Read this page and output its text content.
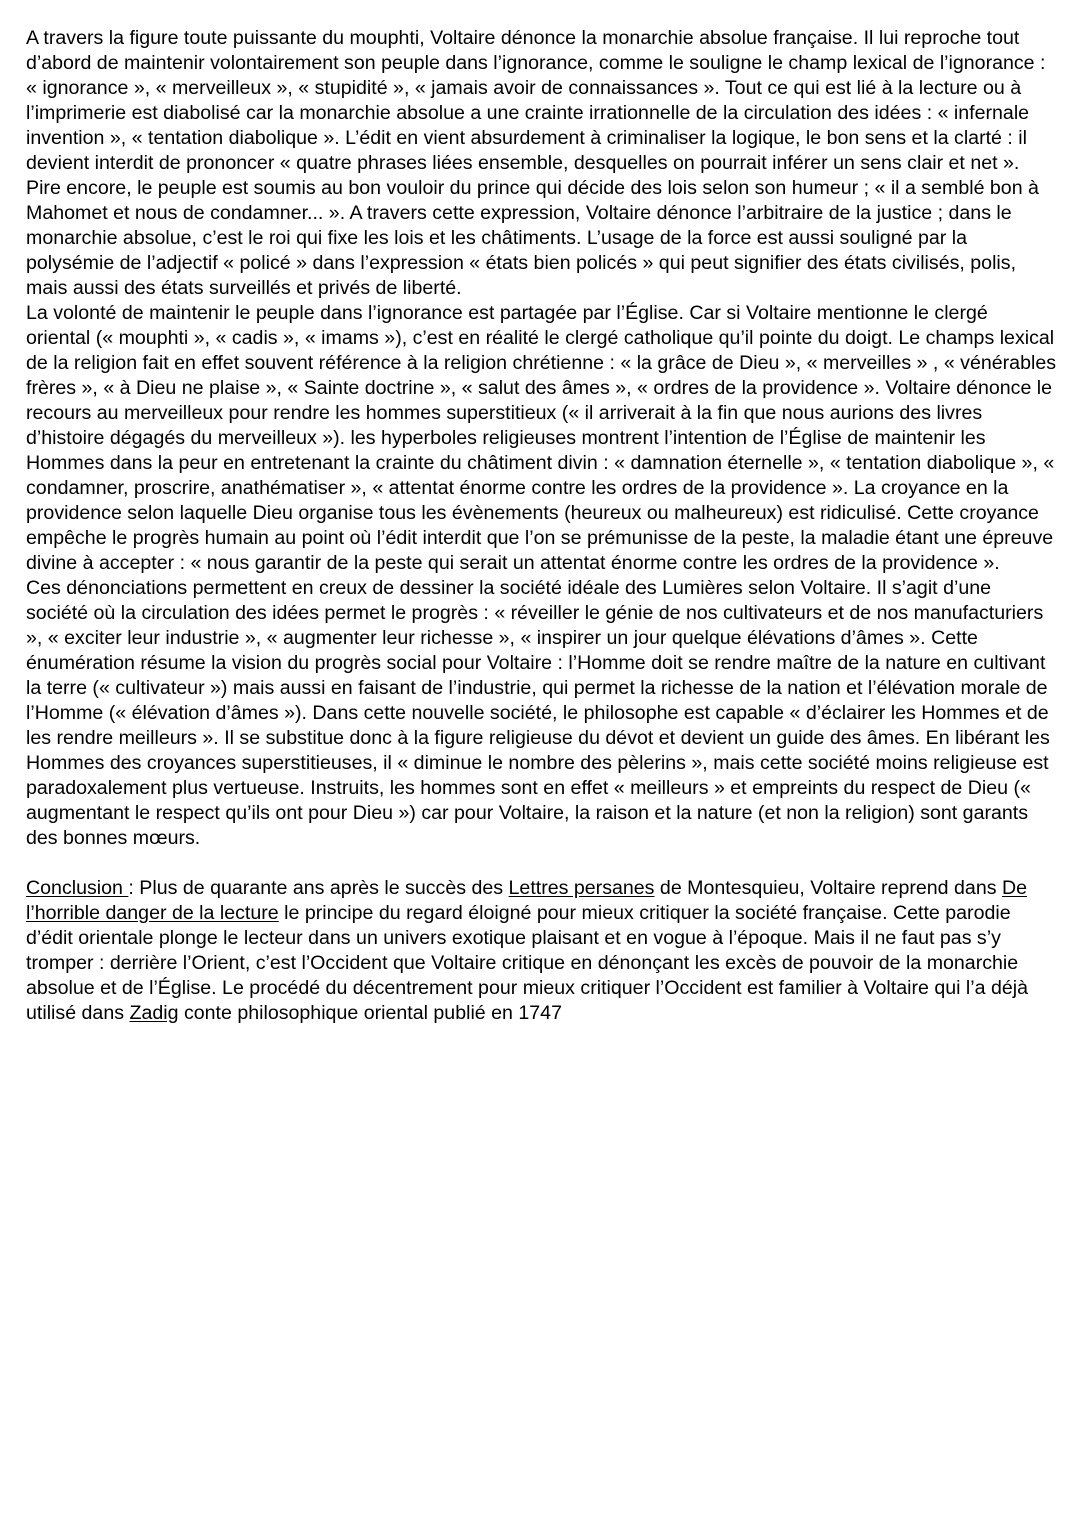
A travers la figure toute puissante du mouphti, Voltaire dénonce la monarchie absolue française. Il lui reproche tout d’abord de maintenir volontairement son peuple dans l’ignorance, comme le souligne le champ lexical de l’ignorance : « ignorance », « merveilleux », « stupidité », « jamais avoir de connaissances ». Tout ce qui est lié à la lecture ou à l’imprimerie est diabolisé car la monarchie absolue a une crainte irrationnelle de la circulation des idées : « infernale invention », « tentation diabolique ». L’édit en vient absurdement à criminaliser la logique, le bon sens et la clarté : il devient interdit de prononcer « quatre phrases liées ensemble, desquelles on pourrait inférer un sens clair et net ». Pire encore, le peuple est soumis au bon vouloir du prince qui décide des lois selon son humeur ; « il a semblé bon à Mahomet et nous de condamner... ». A travers cette expression, Voltaire dénonce l’arbitraire de la justice ; dans le monarchie absolue, c’est le roi qui fixe les lois et les châtiments. L’usage de la force est aussi souligné par la polysémie de l’adjectif « policé » dans l’expression « états bien policés » qui peut signifier des états civilisés, polis, mais aussi des états surveillés et privés de liberté.

La volonté de maintenir le peuple dans l’ignorance est partagée par l’Église. Car si Voltaire mentionne le clergé oriental (« mouphti », « cadis », « imams »), c’est en réalité le clergé catholique qu’il pointe du doigt. Le champs lexical de la religion fait en effet souvent référence à la religion chrétienne : « la grâce de Dieu », « merveilles » , « vénérables frères », « à Dieu ne plaise », « Sainte doctrine », « salut des âmes », « ordres de la providence ». Voltaire dénonce le recours au merveilleux pour rendre les hommes superstitieux (« il arriverait à la fin que nous aurions des livres d’histoire dégagés du merveilleux »). les hyperboles religieuses montrent l’intention de l’Église de maintenir les Hommes dans la peur en entretenant la crainte du châtiment divin : « damnation éternelle », « tentation diabolique », « condamner, proscrire, anathématiser », « attentat énorme contre les ordres de la providence ». La croyance en la providence selon laquelle Dieu organise tous les évènements (heureux ou malheureux) est ridiculisé. Cette croyance empêche le progrès humain au point où l’édit interdit que l’on se prémunisse de la peste, la maladie étant une épreuve divine à accepter : « nous garantir de la peste qui serait un attentat énorme contre les ordres de la providence ».

Ces dénonciations permettent en creux de dessiner la société idéale des Lumières selon Voltaire. Il s’agit d’une société où la circulation des idées permet le progrès : « réveiller le génie de nos cultivateurs et de nos manufacturiers », « exciter leur industrie », « augmenter leur richesse », « inspirer un jour quelque élévations d’âmes ». Cette énumération résume la vision du progrès social pour Voltaire : l’Homme doit se rendre maître de la nature en cultivant la terre (« cultivateur ») mais aussi en faisant de l’industrie, qui permet la richesse de la nation et l’élévation morale de l’Homme (« élévation d’âmes »). Dans cette nouvelle société, le philosophe est capable « d’éclairer les Hommes et de les rendre meilleurs ». Il se substitue donc à la figure religieuse du dévot et devient un guide des âmes. En libérant les Hommes des croyances superstitieuses, il « diminue le nombre des pèlerins », mais cette société moins religieuse est paradoxalement plus vertueuse. Instruits, les hommes sont en effet « meilleurs » et empreints du respect de Dieu (« augmentant le respect qu’ils ont pour Dieu ») car pour Voltaire, la raison et la nature (et non la religion) sont garants des bonnes mœurs.

Conclusion : Plus de quarante ans après le succès des Lettres persanes de Montesquieu, Voltaire reprend dans De l’horrible danger de la lecture le principe du regard éloigné pour mieux critiquer la société française. Cette parodie d’édit orientale plonge le lecteur dans un univers exotique plaisant et en vogue à l’époque. Mais il ne faut pas s’y tromper : derrière l’Orient, c’est l’Occident que Voltaire critique en dénonçant les excès de pouvoir de la monarchie absolue et de l’Église. Le procédé du décentrement pour mieux critiquer l’Occident est familier à Voltaire qui l’a déjà utilisé dans Zadig conte philosophique oriental publié en 1747
